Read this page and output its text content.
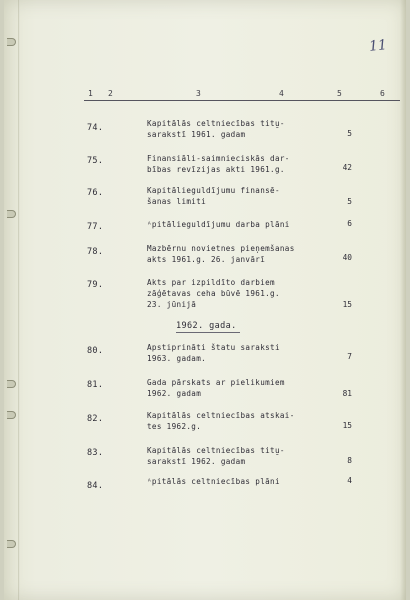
11
1 2	3	4	5	6
74.	Kapitālās celtniecības titu̱-
sarakstī 1961. gadam	5
75.	Finansiāli-saimnieciskās dar-
bības revīzijas akti 1961.g.	42
76.	Kapitālieguldījumu finansē-
šanas limiti	5
77.	ᴬpitālieguldījumu darba plāni	6
78.	Mazbērnu novietnes pieņemšanas
akts 1961.g. 26. janvārī	40
79.	Akts par izpildīto darbiem
zāģētavas ceha būvē 1961.g.
23. jūnijā	15
1962. gada.
80.	Apstiprināti štatu saraksti
1963. gadam.	7
81.	Gada pārskats ar pielikumiem
1962. gadam	81
82.	Kapitālās celtniecības atskai-
tes 1962.g.	15
83.	Kapitālās celtniecības titu̱-
sarakstī 1962. gadam	8
84.	ᴬpitālās celtniecības plāni	4
